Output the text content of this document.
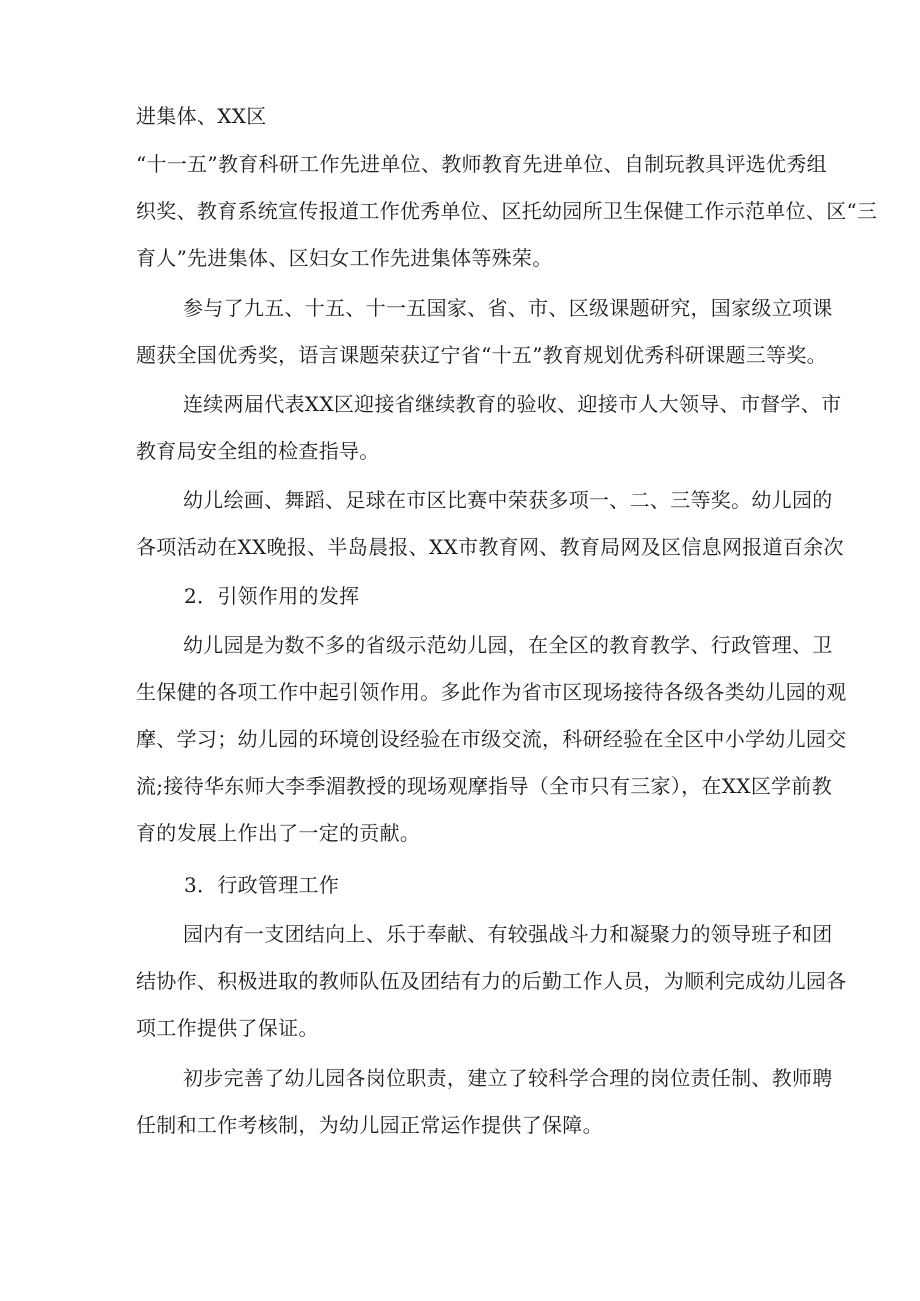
进集体、XX区
“十一五”教育科研工作先进单位、教师教育先进单位、自制玩教具评选优秀组
织奖、教育系统宣传报道工作优秀单位、区托幼园所卫生保健工作示范单位、区“三
育人”先进集体、区妇女工作先进集体等殊荣。
参与了九五、十五、十一五国家、省、市、区级课题研究，国家级立项课
题获全国优秀奖，语言课题荣获辽宁省“十五”教育规划优秀科研课题三等奖。
连续两届代表XX区迎接省继续教育的验收、迎接市人大领导、市督学、市
教育局安全组的检查指导。
幼儿绘画、舞蹈、足球在市区比赛中荣获多项一、二、三等奖。幼儿园的
各项活动在XX晚报、半岛晨报、XX市教育网、教育局网及区信息网报道百余次
2．引领作用的发挥
幼儿园是为数不多的省级示范幼儿园，在全区的教育教学、行政管理、卫
生保健的各项工作中起引领作用。多此作为省市区现场接待各级各类幼儿园的观
摩、学习；幼儿园的环境创设经验在市级交流，科研经验在全区中小学幼儿园交
流;接待华东师大李季湄教授的现场观摩指导（全市只有三家），在XX区学前教
育的发展上作出了一定的贡献。
3．行政管理工作
园内有一支团结向上、乐于奉献、有较强战斗力和凝聚力的领导班子和团
结协作、积极进取的教师队伍及团结有力的后勤工作人员，为顺利完成幼儿园各
项工作提供了保证。
初步完善了幼儿园各岗位职责，建立了较科学合理的岗位责任制、教师聘
任制和工作考核制，为幼儿园正常运作提供了保障。
